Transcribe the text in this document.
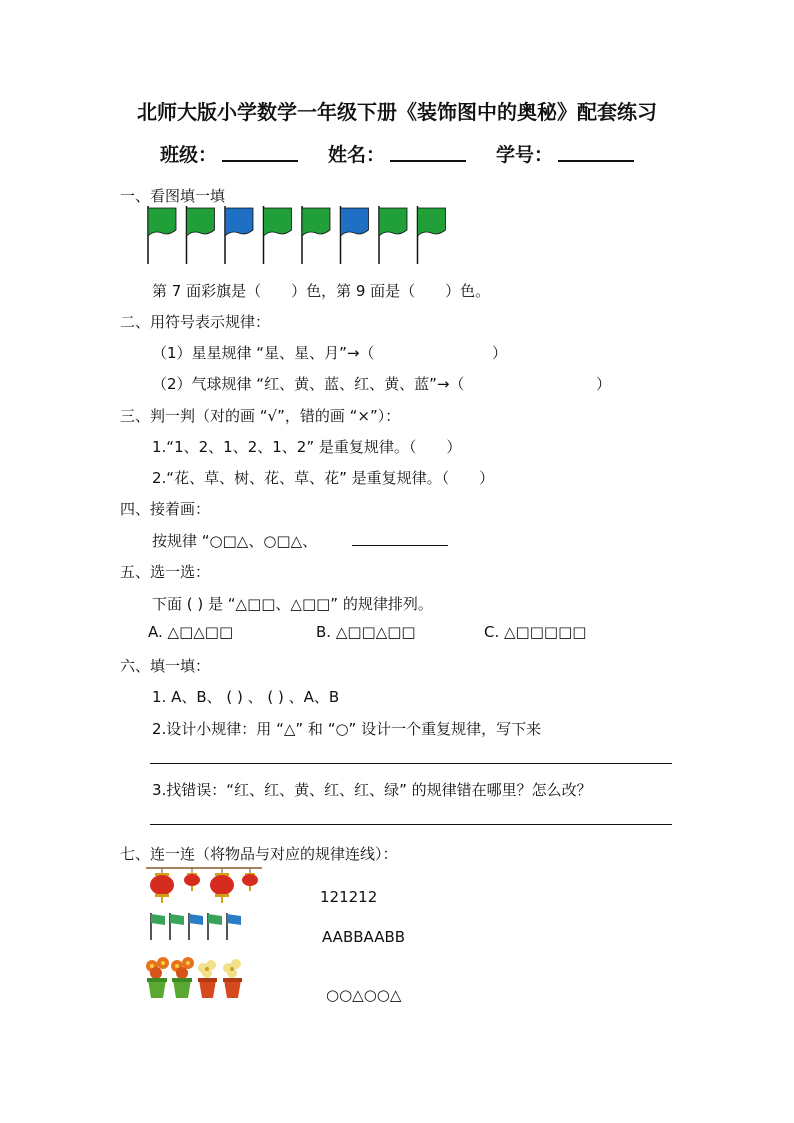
北师大版小学数学一年级下册《装饰图中的奥秘》配套练习
班级：	姓名：	学号：
一、看图填一填
第 7 面彩旗是（　　）色，第 9 面是（　　）色。
二、用符号表示规律：
（1）星星规律 “星、星、月”→（	）
（2）气球规律 “红、黄、蓝、红、黄、蓝”→（	）
三、判一判（对的画 “√”，错的画 “×”）：
1.“1、2、1、2、1、2” 是重复规律。（　　）
2.“花、草、树、花、草、花” 是重复规律。（　　）
四、接着画：
按规律 “○□△、○□△、
五、选一选：
下面 ( ) 是 “△□□、△□□” 的规律排列。
A. △□△□□	B. △□□△□□	C. △□□□□□
六、填一填：
1. A、B、 ( ) 、 ( ) 、A、B
2.设计小规律：用 “△” 和 “○” 设计一个重复规律，写下来
3.找错误：“红、红、黄、红、红、绿” 的规律错在哪里？怎么改？
七、连一连（将物品与对应的规律连线）：
121212
AABBAABB
○○△○○△
